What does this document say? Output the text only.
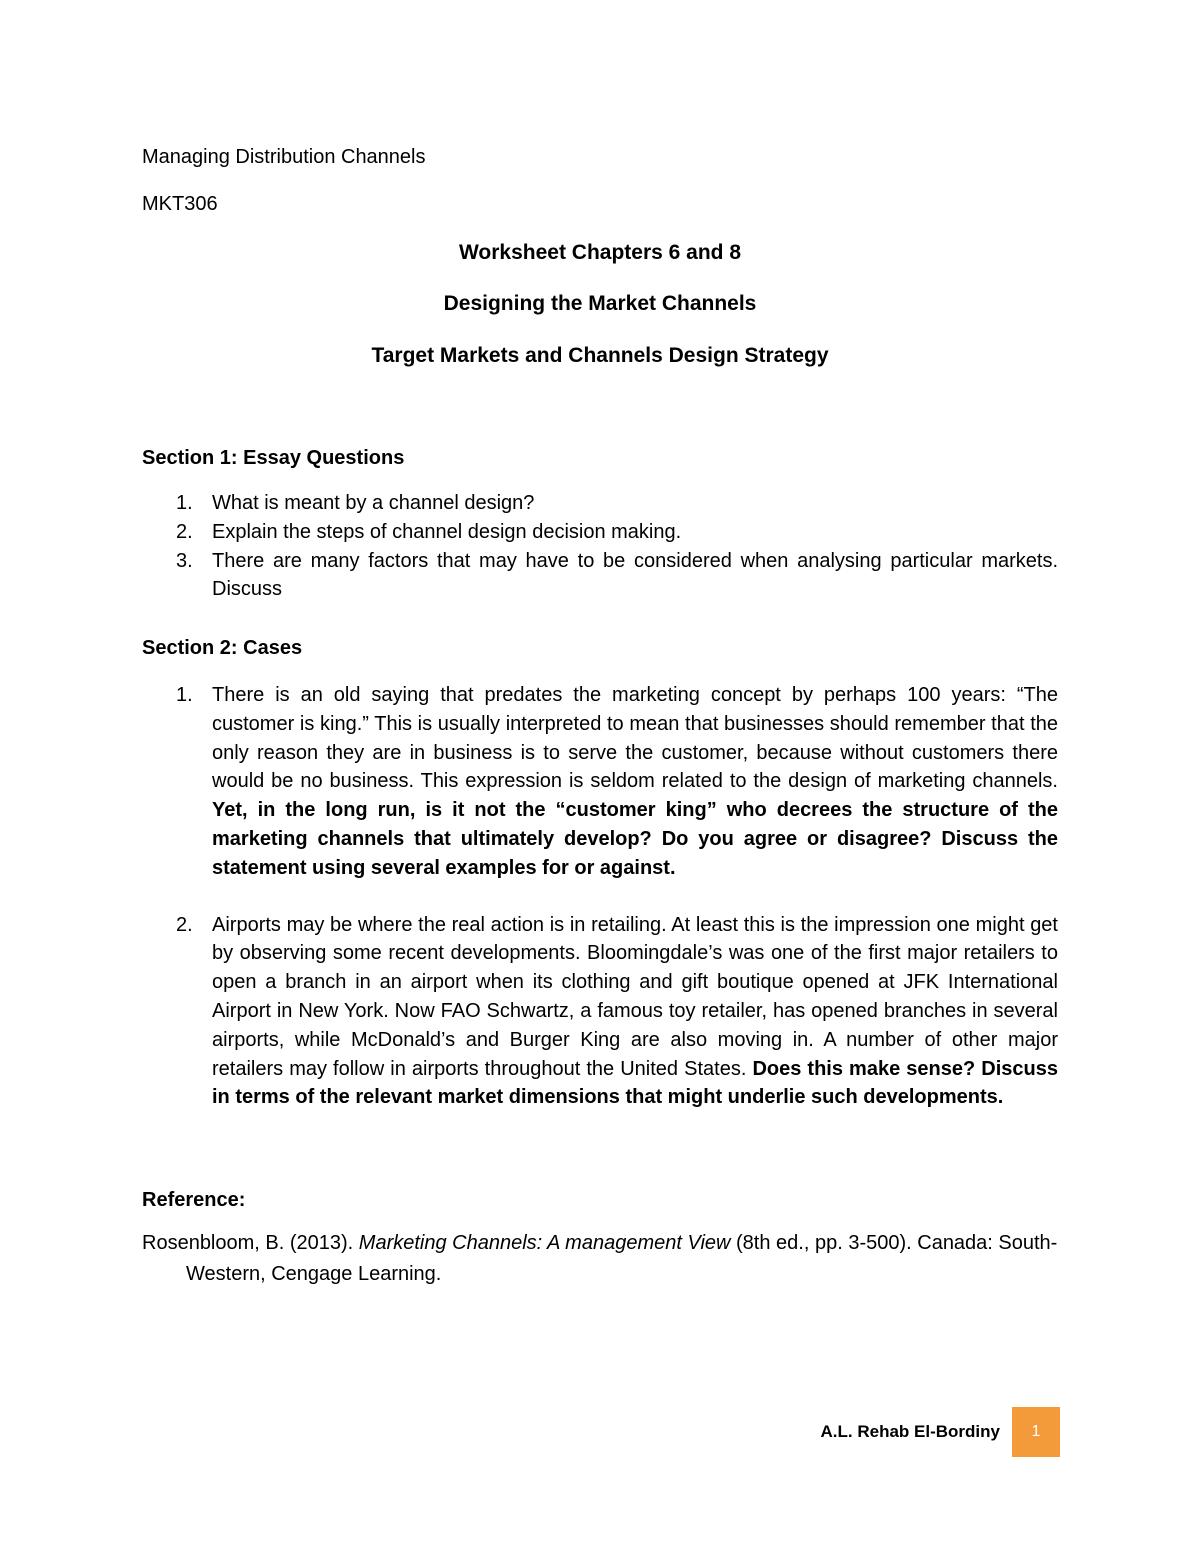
Managing Distribution Channels

MKT306

Worksheet Chapters 6 and 8

Designing the Market Channels

Target Markets and Channels Design Strategy

Section 1: Essay Questions

1. What is meant by a channel design?
2. Explain the steps of channel design decision making.
3. There are many factors that may have to be considered when analysing particular markets. Discuss

Section 2: Cases

1. There is an old saying that predates the marketing concept by perhaps 100 years: “The customer is king.” This is usually interpreted to mean that businesses should remember that the only reason they are in business is to serve the customer, because without customers there would be no business. This expression is seldom related to the design of marketing channels. Yet, in the long run, is it not the “customer king” who decrees the structure of the marketing channels that ultimately develop? Do you agree or disagree? Discuss the statement using several examples for or against.
2. Airports may be where the real action is in retailing. At least this is the impression one might get by observing some recent developments. Bloomingdale’s was one of the first major retailers to open a branch in an airport when its clothing and gift boutique opened at JFK International Airport in New York. Now FAO Schwartz, a famous toy retailer, has opened branches in several airports, while McDonald’s and Burger King are also moving in. A number of other major retailers may follow in airports throughout the United States. Does this make sense? Discuss in terms of the relevant market dimensions that might underlie such developments.

Reference:

Rosenbloom, B. (2013). Marketing Channels: A management View (8th ed., pp. 3-500). Canada: South-Western, Cengage Learning.

A.L. Rehab El-Bordiny	1
